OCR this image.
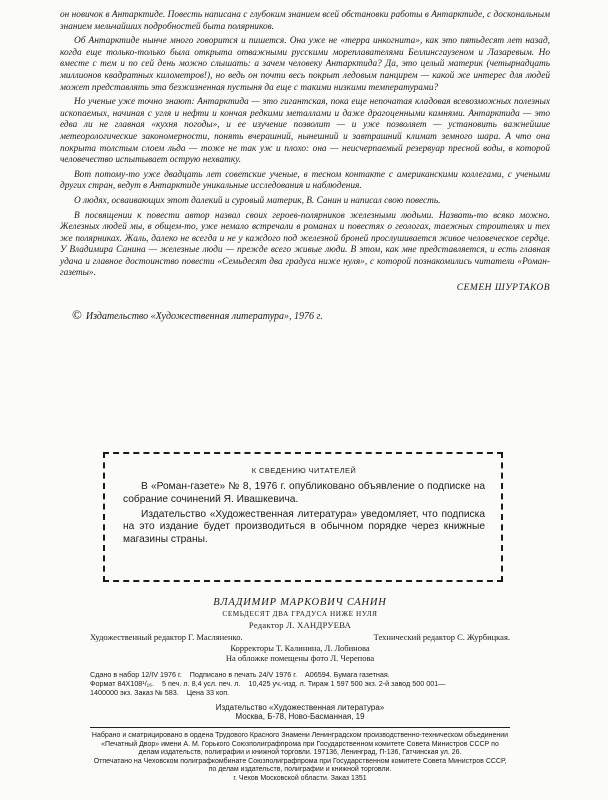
он новичок в Антарктиде. Повесть написана с глубоким знанием всей обстановки работы в Антарктиде, с доскональным знанием мельчайших подробностей быта полярников.

Об Антарктиде нынче много говорится и пишется. Она уже не «терра инкогнита», как это пятьдесят лет назад, когда еще только-только была открыта отважными русскими мореплавателями Беллинсгаузеном и Лазаревым. Но вместе с тем и по сей день можно слышать: а зачем человеку Антарктида? Да, это целый материк (четырнадцать миллионов квадратных километров!), но ведь он почти весь покрыт ледовым панцирем — какой же интерес для людей может представлять эта безжизненная пустыня да еще с такими низкими температурами?

Но ученые уже точно знают: Антарктида — это гигантская, пока еще непочатая кладовая всевозможных полезных ископаемых, начиная с угля и нефти и кончая редкими металлами и даже драгоценными камнями. Антарктида — это едва ли не главная «кухня погоды», и ее изучение позволит — и уже позволяет — установить важнейшие метеорологические закономерности, понять вчерашний, нынешний и завтрашний климат земного шара. А что она покрыта толстым слоем льда — тоже не так уж и плохо: она — неисчерпаемый резервуар пресной воды, в которой человечество испытывает острую нехватку.

Вот потому-то уже двадцать лет советские ученые, в тесном контакте с американскими коллегами, с учеными других стран, ведут в Антарктиде уникальные исследования и наблюдения.

О людях, осваивающих этот далекий и суровый материк, В. Санин и написал свою повесть.

В посвящении к повести автор назвал своих героев-полярников железными людьми. Назвать-то всяко можно. Железных людей мы, в общем-то, уже немало встречали в романах и повестях о геологах, таежных строителях и тех же полярниках. Жаль, далеко не всегда и не у каждого под железной броней прослушивается живое человеческое сердце. У Владимира Санина — железные люди — прежде всего живые люди. В этом, как мне представляется, и есть главная удача и главное достоинство повести «Семьдесят два градуса ниже нуля», с которой познакомились читатели «Роман-газеты».

СЕМЕН ШУРТАКОВ
© Издательство «Художественная литература», 1976 г.
К СВЕДЕНИЮ ЧИТАТЕЛЕЙ

В «Роман-газете» № 8, 1976 г. опубликовано объявление о подписке на собрание сочинений Я. Ивашкевича.

Издательство «Художественная литература» уведомляет, что подписка на это издание будет производиться в обычном порядке через книжные магазины страны.

ВЛАДИМИР МАРКОВИЧ САНИН
СЕМЬДЕСЯТ ДВА ГРАДУСА НИЖЕ НУЛЯ
Редактор Л. ХАНДРУЕВА
Художественный редактор Г. Масляненко.	Технический редактор С. Журбицкая.
Корректоры Т. Калинина, Л. Лобинова
На обложке помещены фото Л. Черепова
Сдано в набор 12/IV 1976 г. Подписано в печать 24/V 1976 г. А06594. Бумага газетная.
Формат 84X108¹/₁₆. 5 печ. л. 8,4 усл. печ. л. 10,425 уч.-изд. л. Тираж 1 597 500 экз. 2-й завод 500 001—
1400000 экз. Заказ № 583. Цена 33 коп.
Издательство «Художественная литература»
Москва, Б-78, Ново-Басманная, 19
Набрано и сматрицировано в ордена Трудового Красного Знамени Ленинградском производственно-техническом объединении «Печатный Двор» имени А. М. Горького Союзполиграфпрома при Государственном комитете Совета Министров СССР по делам издательств, полиграфии и книжной торговли. 197136, Ленинград, П-136, Гатчинская ул. 26.
Отпечатано на Чеховском полиграфкомбинате Союзполиграфпрома при Государственном комитете Совета Министров СССР, по делам издательств, полиграфии и книжной торговли.
г. Чехов Московской области. Заказ 1351
